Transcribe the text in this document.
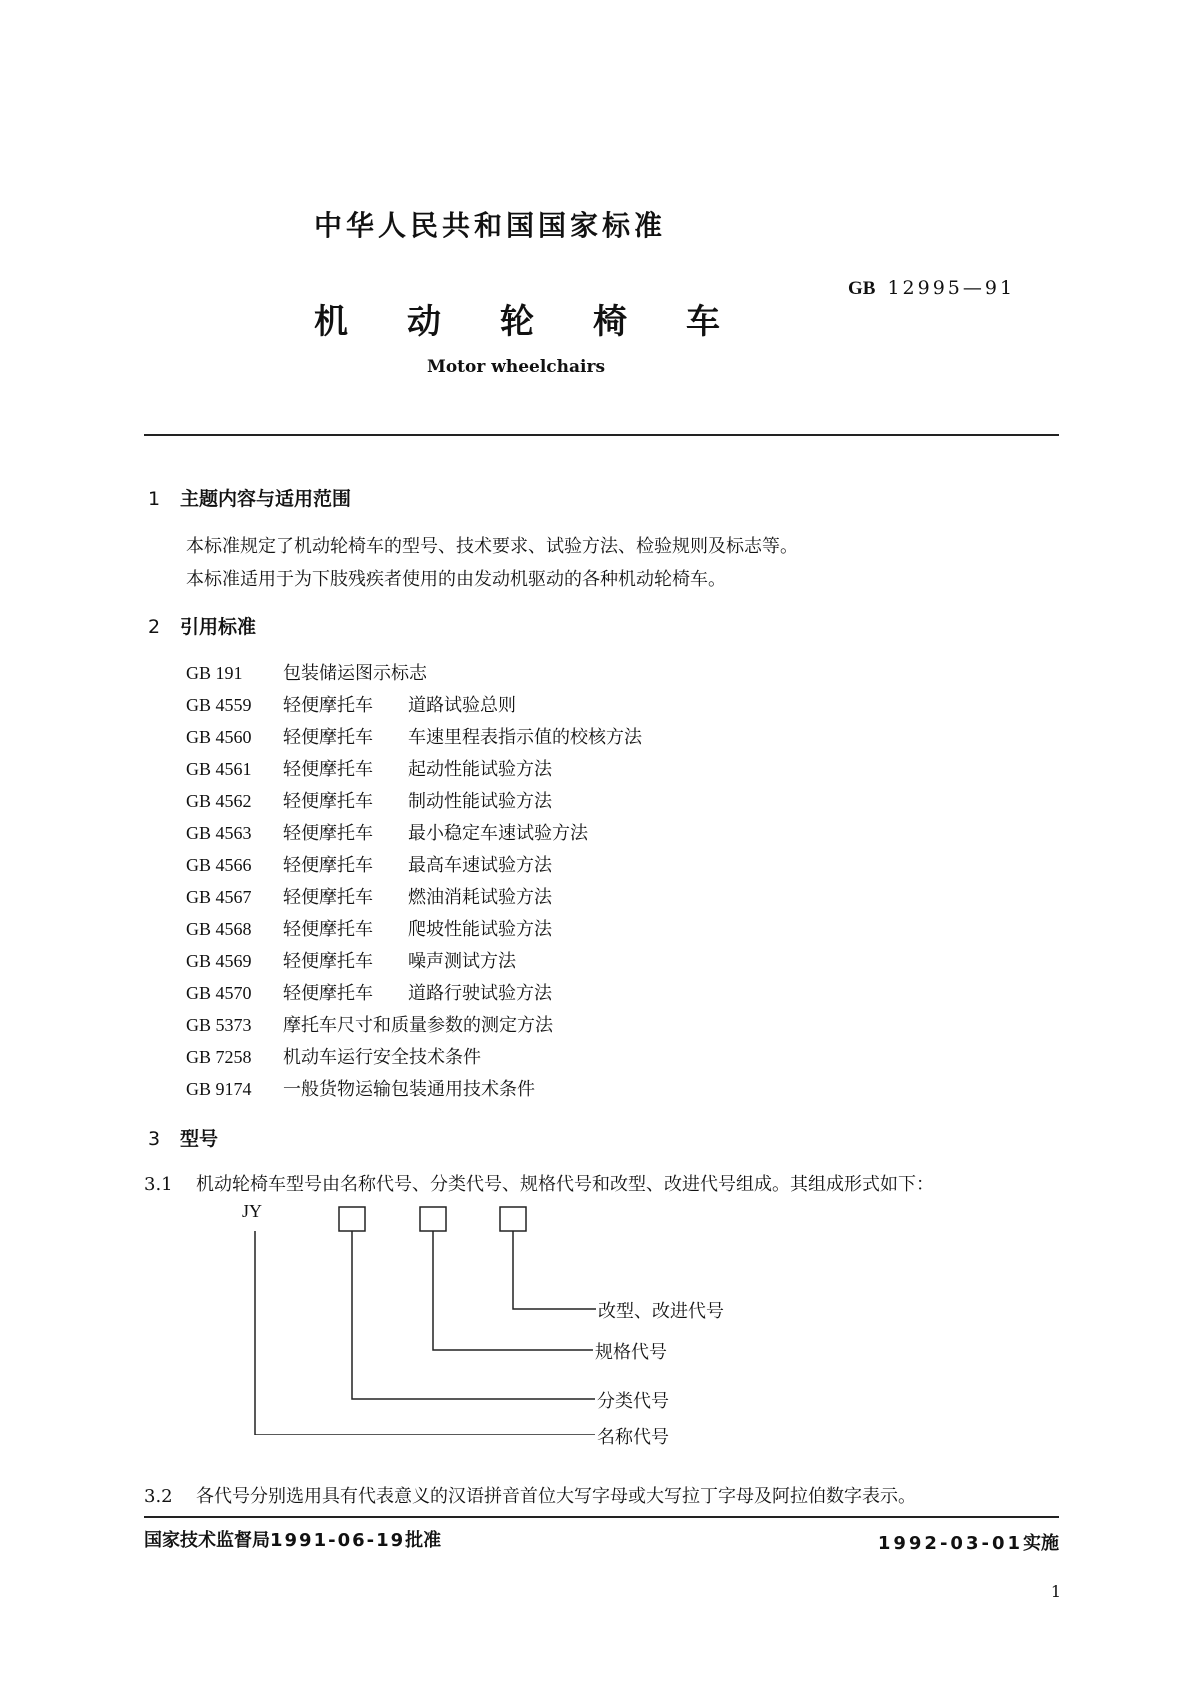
中华人民共和国国家标准
机 动 轮 椅 车
Motor wheelchairs
GB 12995—91
1 主题内容与适用范围
本标准规定了机动轮椅车的型号、技术要求、试验方法、检验规则及标志等。
本标准适用于为下肢残疾者使用的由发动机驱动的各种机动轮椅车。
2 引用标准
GB 191 包装储运图示标志
GB 4559 轻便摩托车 道路试验总则
GB 4560 轻便摩托车 车速里程表指示值的校核方法
GB 4561 轻便摩托车 起动性能试验方法
GB 4562 轻便摩托车 制动性能试验方法
GB 4563 轻便摩托车 最小稳定车速试验方法
GB 4566 轻便摩托车 最高车速试验方法
GB 4567 轻便摩托车 燃油消耗试验方法
GB 4568 轻便摩托车 爬坡性能试验方法
GB 4569 轻便摩托车 噪声测试方法
GB 4570 轻便摩托车 道路行驶试验方法
GB 5373 摩托车尺寸和质量参数的测定方法
GB 7258 机动车运行安全技术条件
GB 9174 一般货物运输包装通用技术条件
3 型号
3.1 机动轮椅车型号由名称代号、分类代号、规格代号和改型、改进代号组成。其组成形式如下：
JY
改型、改进代号
规格代号
分类代号
名称代号
3.2 各代号分别选用具有代表意义的汉语拼音首位大写字母或大写拉丁字母及阿拉伯数字表示。
国家技术监督局1991-06-19批准	1992-03-01实施
1
